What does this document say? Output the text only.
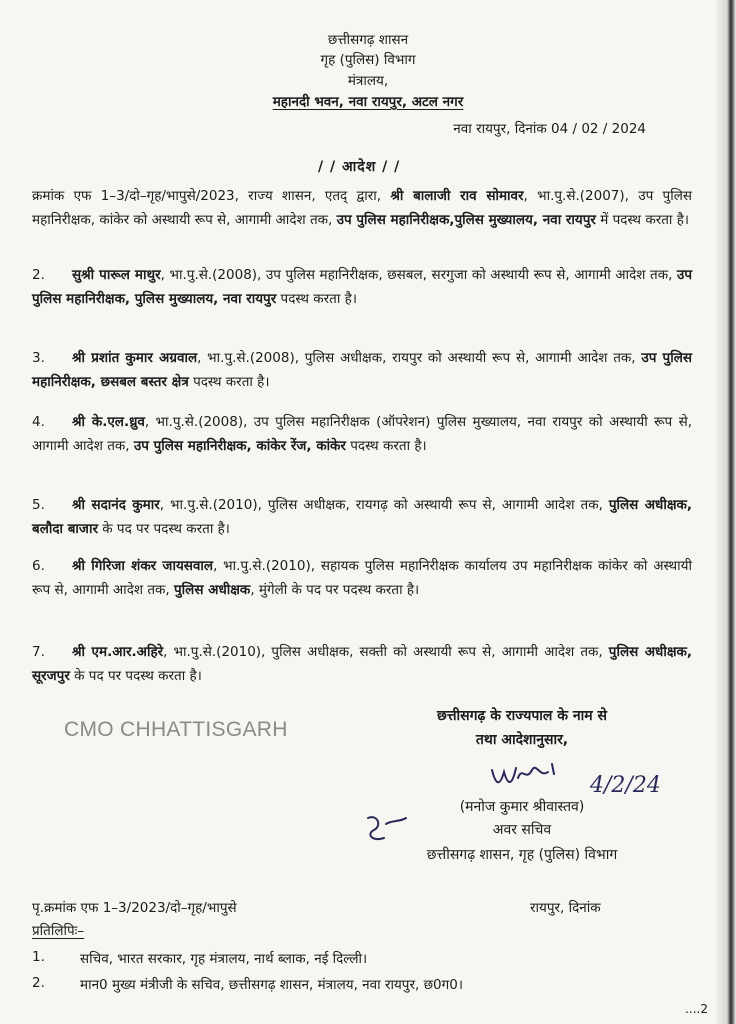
छत्तीसगढ़ शासन
गृह (पुलिस) विभाग
मंत्रालय,
महानदी भवन, नवा रायपुर, अटल नगर
नवा रायपुर, दिनांक 04 / 02 / 2024
/ / आदेश / /
क्रमांक एफ 1–3/दो–गृह/भापुसे/2023, राज्य शासन, एतद् द्वारा, श्री बालाजी राव सोमावर, भा.पु.से.(2007), उप पुलिस महानिरीक्षक, कांकेर को अस्थायी रूप से, आगामी आदेश तक, उप पुलिस महानिरीक्षक,पुलिस मुख्यालय, नवा रायपुर में पदस्थ करता है।
2. सुश्री पारूल माथुर, भा.पु.से.(2008), उप पुलिस महानिरीक्षक, छसबल, सरगुजा को अस्थायी रूप से, आगामी आदेश तक, उप पुलिस महानिरीक्षक, पुलिस मुख्यालय, नवा रायपुर पदस्थ करता है।
3. श्री प्रशांत कुमार अग्रवाल, भा.पु.से.(2008), पुलिस अधीक्षक, रायपुर को अस्थायी रूप से, आगामी आदेश तक, उप पुलिस महानिरीक्षक, छसबल बस्तर क्षेत्र पदस्थ करता है।
4. श्री के.एल.ध्रुव, भा.पु.से.(2008), उप पुलिस महानिरीक्षक (ऑपरेशन) पुलिस मुख्यालय, नवा रायपुर को अस्थायी रूप से, आगामी आदेश तक, उप पुलिस महानिरीक्षक, कांकेर रेंज, कांकेर पदस्थ करता है।
5. श्री सदानंद कुमार, भा.पु.से.(2010), पुलिस अधीक्षक, रायगढ़ को अस्थायी रूप से, आगामी आदेश तक, पुलिस अधीक्षक, बलौदा बाजार के पद पर पदस्थ करता है।
6. श्री गिरिजा शंकर जायसवाल, भा.पु.से.(2010), सहायक पुलिस महानिरीक्षक कार्यालय उप महानिरीक्षक कांकेर को अस्थायी रूप से, आगामी आदेश तक, पुलिस अधीक्षक, मुंगेली के पद पर पदस्थ करता है।
7. श्री एम.आर.अहिरे, भा.पु.से.(2010), पुलिस अधीक्षक, सक्ती को अस्थायी रूप से, आगामी आदेश तक, पुलिस अधीक्षक, सूरजपुर के पद पर पदस्थ करता है।
CMO CHHATTISGARH
छत्तीसगढ़ के राज्यपाल के नाम से
तथा आदेशानुसार,
4/2/24
(मनोज कुमार श्रीवास्तव)
अवर सचिव
छत्तीसगढ़ शासन, गृह (पुलिस) विभाग
पृ.क्रमांक एफ 1–3/2023/दो–गृह/भापुसे	रायपुर, दिनांक
प्रतिलिपिः–
1.	सचिव, भारत सरकार, गृह मंत्रालय, नार्थ ब्लाक, नई दिल्ली।
2.	मान0 मुख्य मंत्रीजी के सचिव, छत्तीसगढ़ शासन, मंत्रालय, नवा रायपुर, छ0ग0।
....2
